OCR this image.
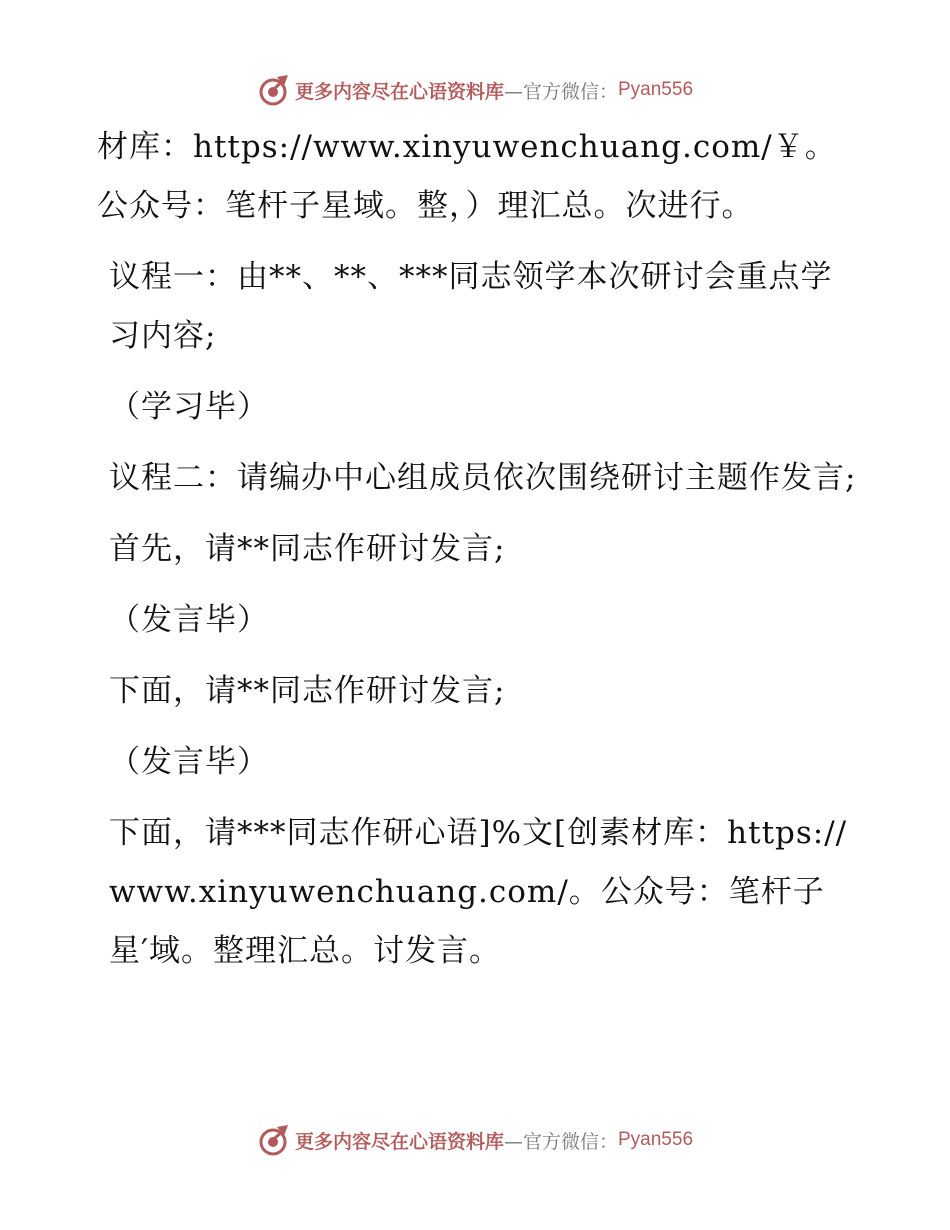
更多内容尽在心语资料库 —官方微信： Pyan556

材库：https://www.xinyuwenchuang.com/￥。公众号：笔杆子星域。整，）理汇总。次进行。

议程一：由**、**、***同志领学本次研讨会重点学习内容;

（学习毕）

议程二：请编办中心组成员依次围绕研讨主题作发言;

首先，请**同志作研讨发言;

（发言毕）

下面，请**同志作研讨发言;

（发言毕）

下面，请***同志作研心语]%文[创素材库：https://www.xinyuwenchuang.com/。公众号：笔杆子星′域。整理汇总。讨发言。

更多内容尽在心语资料库 —官方微信： Pyan556
